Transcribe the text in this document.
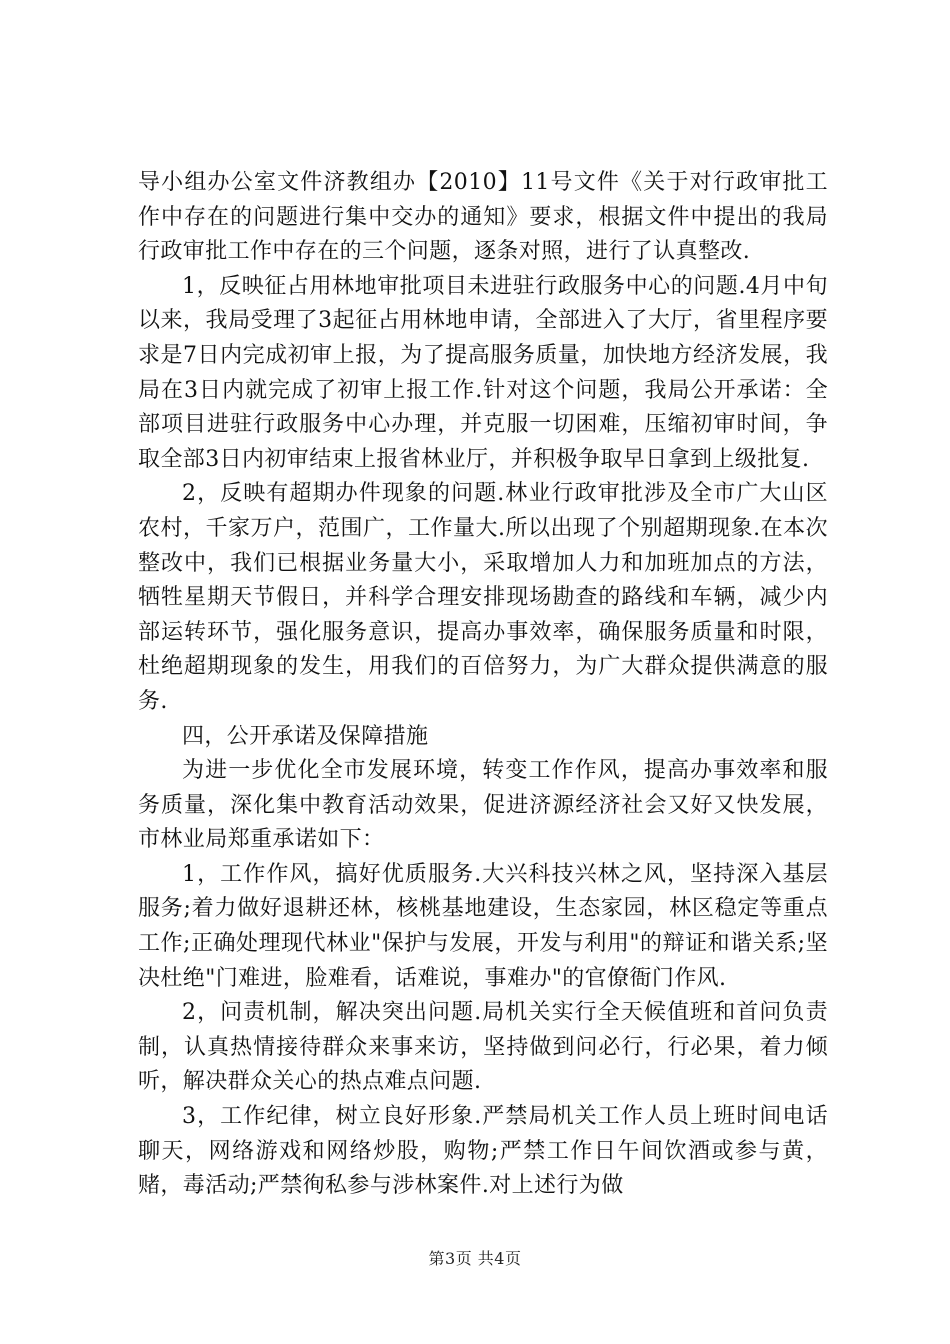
导小组办公室文件济教组办【2010】11号文件《关于对行政审批工作中存在的问题进行集中交办的通知》要求，根据文件中提出的我局行政审批工作中存在的三个问题，逐条对照，进行了认真整改.

1，反映征占用林地审批项目未进驻行政服务中心的问题.4月中旬以来，我局受理了3起征占用林地申请，全部进入了大厅，省里程序要求是7日内完成初审上报，为了提高服务质量，加快地方经济发展，我局在3日内就完成了初审上报工作.针对这个问题，我局公开承诺：全部项目进驻行政服务中心办理，并克服一切困难，压缩初审时间，争取全部3日内初审结束上报省林业厅，并积极争取早日拿到上级批复.

2，反映有超期办件现象的问题.林业行政审批涉及全市广大山区农村，千家万户，范围广，工作量大.所以出现了个别超期现象.在本次整改中，我们已根据业务量大小，采取增加人力和加班加点的方法，牺牲星期天节假日，并科学合理安排现场勘查的路线和车辆，减少内部运转环节，强化服务意识，提高办事效率，确保服务质量和时限，杜绝超期现象的发生，用我们的百倍努力，为广大群众提供满意的服务.

四，公开承诺及保障措施

为进一步优化全市发展环境，转变工作作风，提高办事效率和服务质量，深化集中教育活动效果，促进济源经济社会又好又快发展，市林业局郑重承诺如下：

1，工作作风，搞好优质服务.大兴科技兴林之风，坚持深入基层服务;着力做好退耕还林，核桃基地建设，生态家园，林区稳定等重点工作;正确处理现代林业"保护与发展，开发与利用"的辩证和谐关系;坚决杜绝"门难进，脸难看，话难说，事难办"的官僚衙门作风.

2，问责机制，解决突出问题.局机关实行全天候值班和首问负责制，认真热情接待群众来事来访，坚持做到问必行，行必果，着力倾听，解决群众关心的热点难点问题.

3，工作纪律，树立良好形象.严禁局机关工作人员上班时间电话聊天，网络游戏和网络炒股，购物;严禁工作日午间饮酒或参与黄，赌，毒活动;严禁徇私参与涉林案件.对上述行为做

第3页 共4页
